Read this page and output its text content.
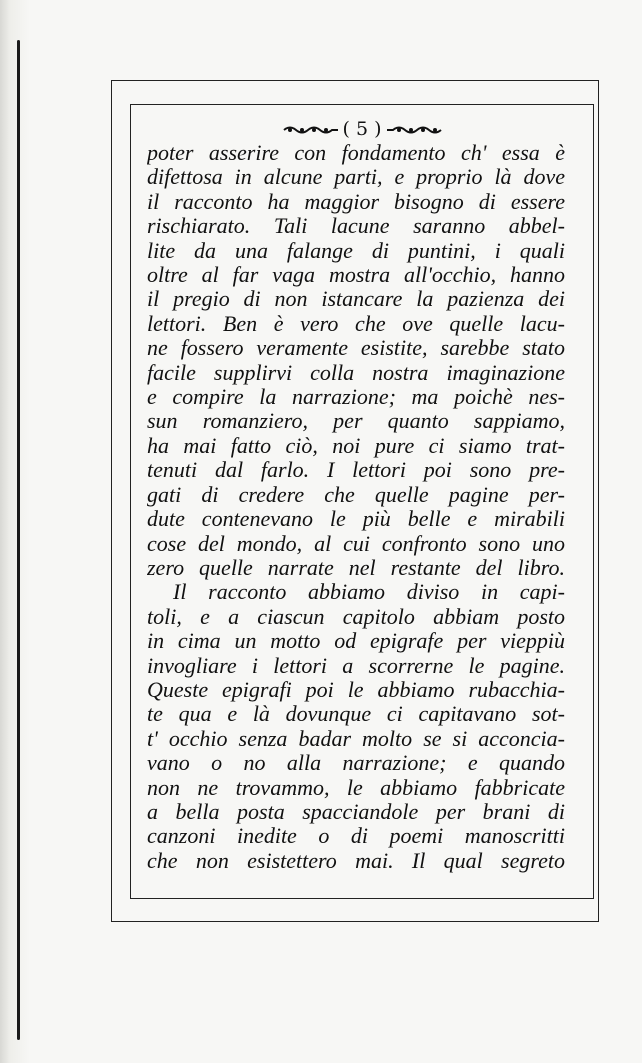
( 5 )
poter asserire con fondamento ch' essa è
difettosa in alcune parti, e proprio là dove
il racconto ha maggior bisogno di essere
rischiarato. Tali lacune saranno abbel-
lite da una falange di puntini, i quali
oltre al far vaga mostra all'occhio, hanno
il pregio di non istancare la pazienza dei
lettori. Ben è vero che ove quelle lacu-
ne fossero veramente esistite, sarebbe stato
facile supplirvi colla nostra imaginazione
e compire la narrazione; ma poichè nes-
sun romanziero, per quanto sappiamo,
ha mai fatto ciò, noi pure ci siamo trat-
tenuti dal farlo. I lettori poi sono pre-
gati di credere che quelle pagine per-
dute contenevano le più belle e mirabili
cose del mondo, al cui confronto sono uno
zero quelle narrate nel restante del libro.
Il racconto abbiamo diviso in capi-
toli, e a ciascun capitolo abbiam posto
in cima un motto od epigrafe per vieppiù
invogliare i lettori a scorrerne le pagine.
Queste epigrafi poi le abbiamo rubacchia-
te qua e là dovunque ci capitavano sot-
t' occhio senza badar molto se si acconcia-
vano o no alla narrazione; e quando
non ne trovammo, le abbiamo fabbricate
a bella posta spacciandole per brani di
canzoni inedite o di poemi manoscritti
che non esistettero mai. Il qual segreto
